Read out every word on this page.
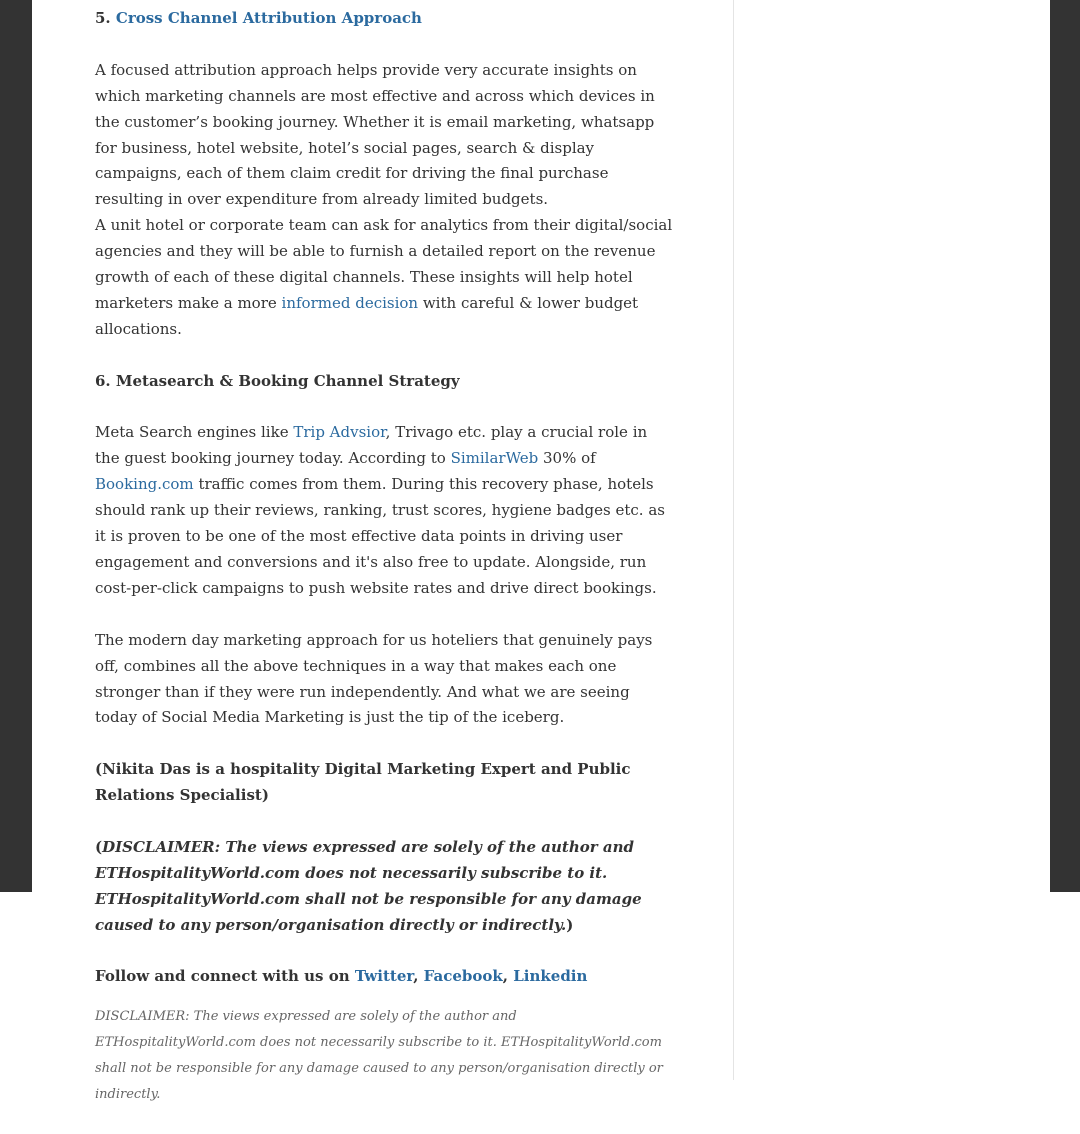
5. Cross Channel Attribution Approach

A focused attribution approach helps provide very accurate insights on which marketing channels are most effective and across which devices in the customer’s booking journey. Whether it is email marketing, whatsapp for business, hotel website, hotel’s social pages, search & display campaigns, each of them claim credit for driving the final purchase resulting in over expenditure from already limited budgets.

A unit hotel or corporate team can ask for analytics from their digital/social agencies and they will be able to furnish a detailed report on the revenue growth of each of these digital channels. These insights will help hotel marketers make a more informed decision with careful & lower budget allocations.

6. Metasearch & Booking Channel Strategy

Meta Search engines like Trip Advsior, Trivago etc. play a crucial role in the guest booking journey today. According to SimilarWeb 30% of Booking.com traffic comes from them. During this recovery phase, hotels should rank up their reviews, ranking, trust scores, hygiene badges etc. as it is proven to be one of the most effective data points in driving user engagement and conversions and it's also free to update. Alongside, run cost-per-click campaigns to push website rates and drive direct bookings.

The modern day marketing approach for us hoteliers that genuinely pays off, combines all the above techniques in a way that makes each one stronger than if they were run independently. And what we are seeing today of Social Media Marketing is just the tip of the iceberg.

(Nikita Das is a hospitality Digital Marketing Expert and Public Relations Specialist)

(DISCLAIMER: The views expressed are solely of the author and ETHospitalityWorld.com does not necessarily subscribe to it. ETHospitalityWorld.com shall not be responsible for any damage caused to any person/organisation directly or indirectly.)

Follow and connect with us on Twitter, Facebook, Linkedin

DISCLAIMER: The views expressed are solely of the author and ETHospitalityWorld.com does not necessarily subscribe to it. ETHospitalityWorld.com shall not be responsible for any damage caused to any person/organisation directly or indirectly.
